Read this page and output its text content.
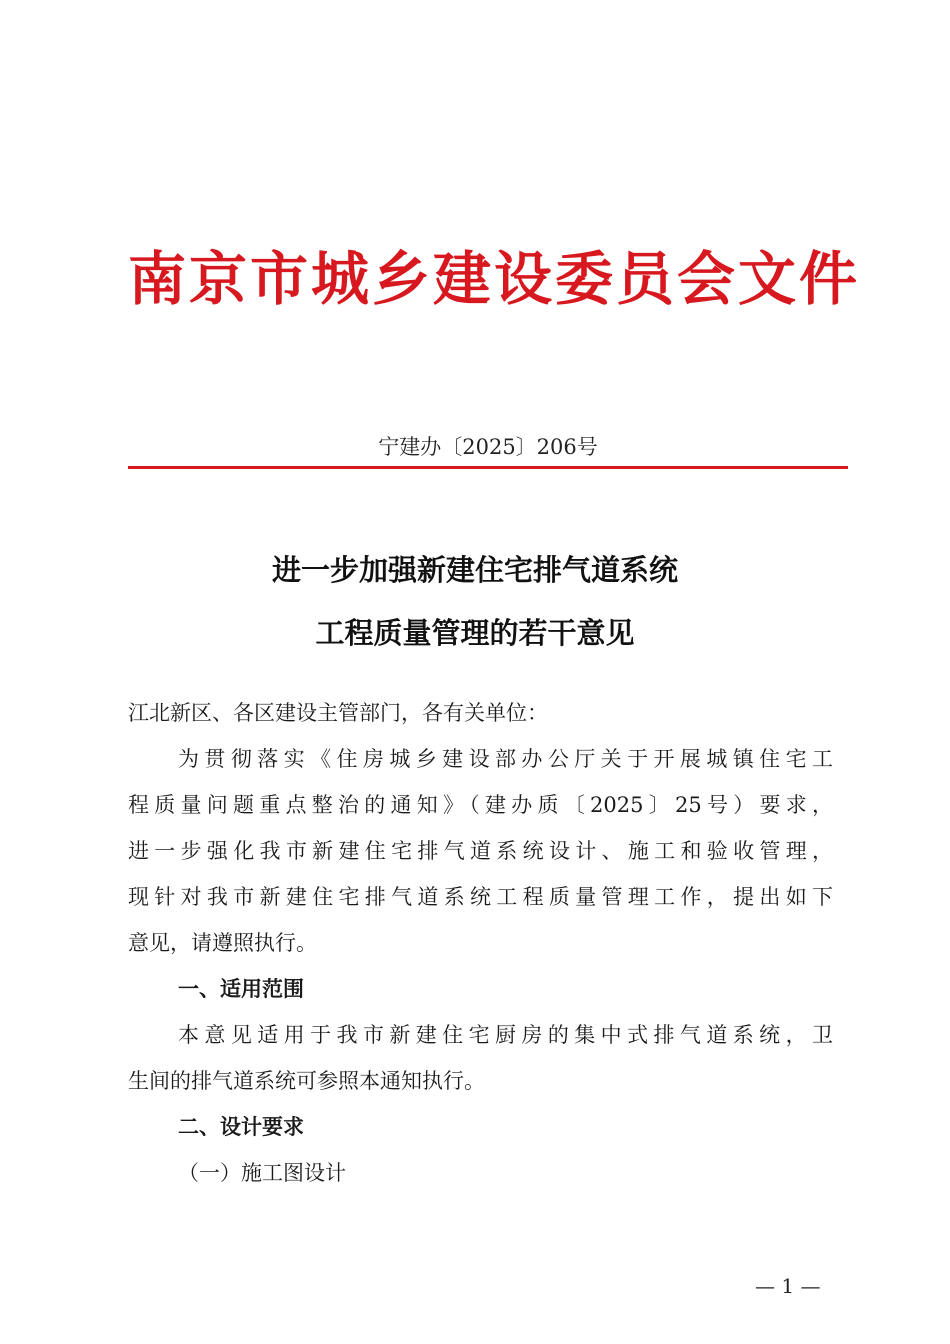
南京市城乡建设委员会文件
宁建办〔2025〕206号
进一步加强新建住宅排气道系统
工程质量管理的若干意见
江北新区、各区建设主管部门，各有关单位：
为贯彻落实《住房城乡建设部办公厅关于开展城镇住宅工
程质量问题重点整治的通知》（建办质〔2025〕25号）要求，
进一步强化我市新建住宅排气道系统设计、施工和验收管理，
现针对我市新建住宅排气道系统工程质量管理工作，提出如下
意见，请遵照执行。
一、适用范围
本意见适用于我市新建住宅厨房的集中式排气道系统，卫
生间的排气道系统可参照本通知执行。
二、设计要求
（一）施工图设计
— 1 —
